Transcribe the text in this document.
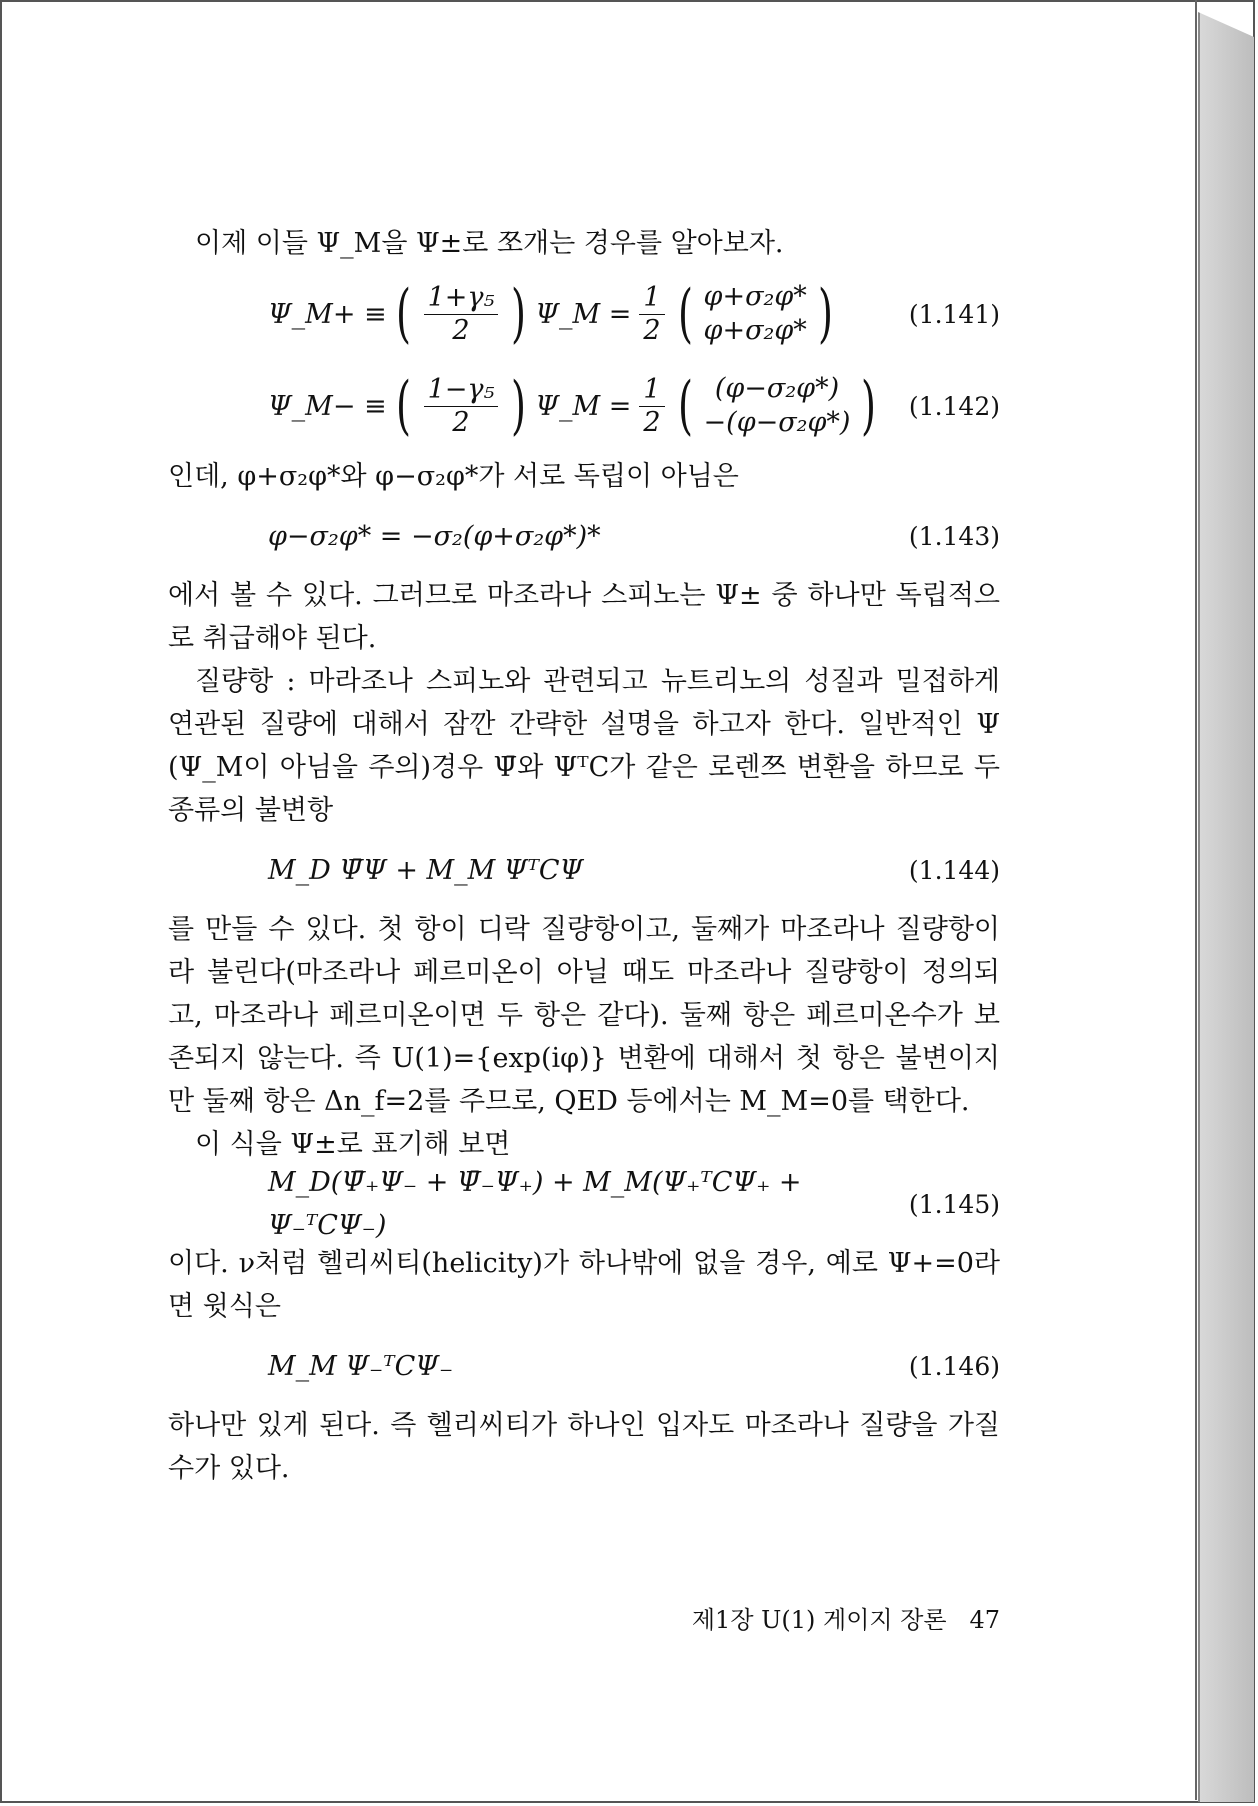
이제 이들 Ψ_M을 Ψ±로 쪼개는 경우를 알아보자.

Ψ_M+ ≡ ( $\frac{\text{1+γ₅}}{2}$ ) Ψ_M = $\frac{1}{2}$ ( φ+σ₂φ*
φ+σ₂φ* )	(1.141)
Ψ_M− ≡ ( $\frac{\text{1−γ₅}}{2}$ ) Ψ_M = $\frac{1}{2}$ ( (φ−σ₂φ*)
−(φ−σ₂φ*) ) (1.142)

인데, φ+σ₂φ*와 φ−σ₂φ*가 서로 독립이 아님은

φ−σ₂φ* = −σ₂(φ+σ₂φ*)*	(1.143)

에서 볼 수 있다. 그러므로 마조라나 스피노는 Ψ± 중 하나만 독립적으로 취급해야 된다.

질량항 : 마라조나 스피노와 관련되고 뉴트리노의 성질과 밀접하게 연관된 질량에 대해서 잠깐 간략한 설명을 하고자 한다. 일반적인 Ψ (Ψ_M이 아님을 주의)경우 Ψ̄와 ΨᵀC가 같은 로렌쯔 변환을 하므로 두 종류의 불변항

M_D Ψ̄Ψ + M_M ΨᵀCΨ	(1.144)

를 만들 수 있다. 첫 항이 디락 질량항이고, 둘째가 마조라나 질량항이라 불린다(마조라나 페르미온이 아닐 때도 마조라나 질량항이 정의되고, 마조라나 페르미온이면 두 항은 같다). 둘째 항은 페르미온수가 보존되지 않는다. 즉 U(1)={exp(iφ)} 변환에 대해서 첫 항은 불변이지만 둘째 항은 Δn_f=2를 주므로, QED 등에서는 M_M=0를 택한다.

이 식을 Ψ±로 표기해 보면

M_D(Ψ̄₊Ψ₋ + Ψ̄₋Ψ₊) + M_M(Ψ₊ᵀCΨ₊ + Ψ₋ᵀCΨ₋)
(1.145)

이다. ν처럼 헬리씨티(helicity)가 하나밖에 없을 경우, 예로 Ψ+=0라면 윗식은

M_M Ψ₋ᵀCΨ₋	(1.146)

하나만 있게 된다. 즉 헬리씨티가 하나인 입자도 마조라나 질량을 가질 수가 있다.

제1장 U(1) 게이지 장론 47
